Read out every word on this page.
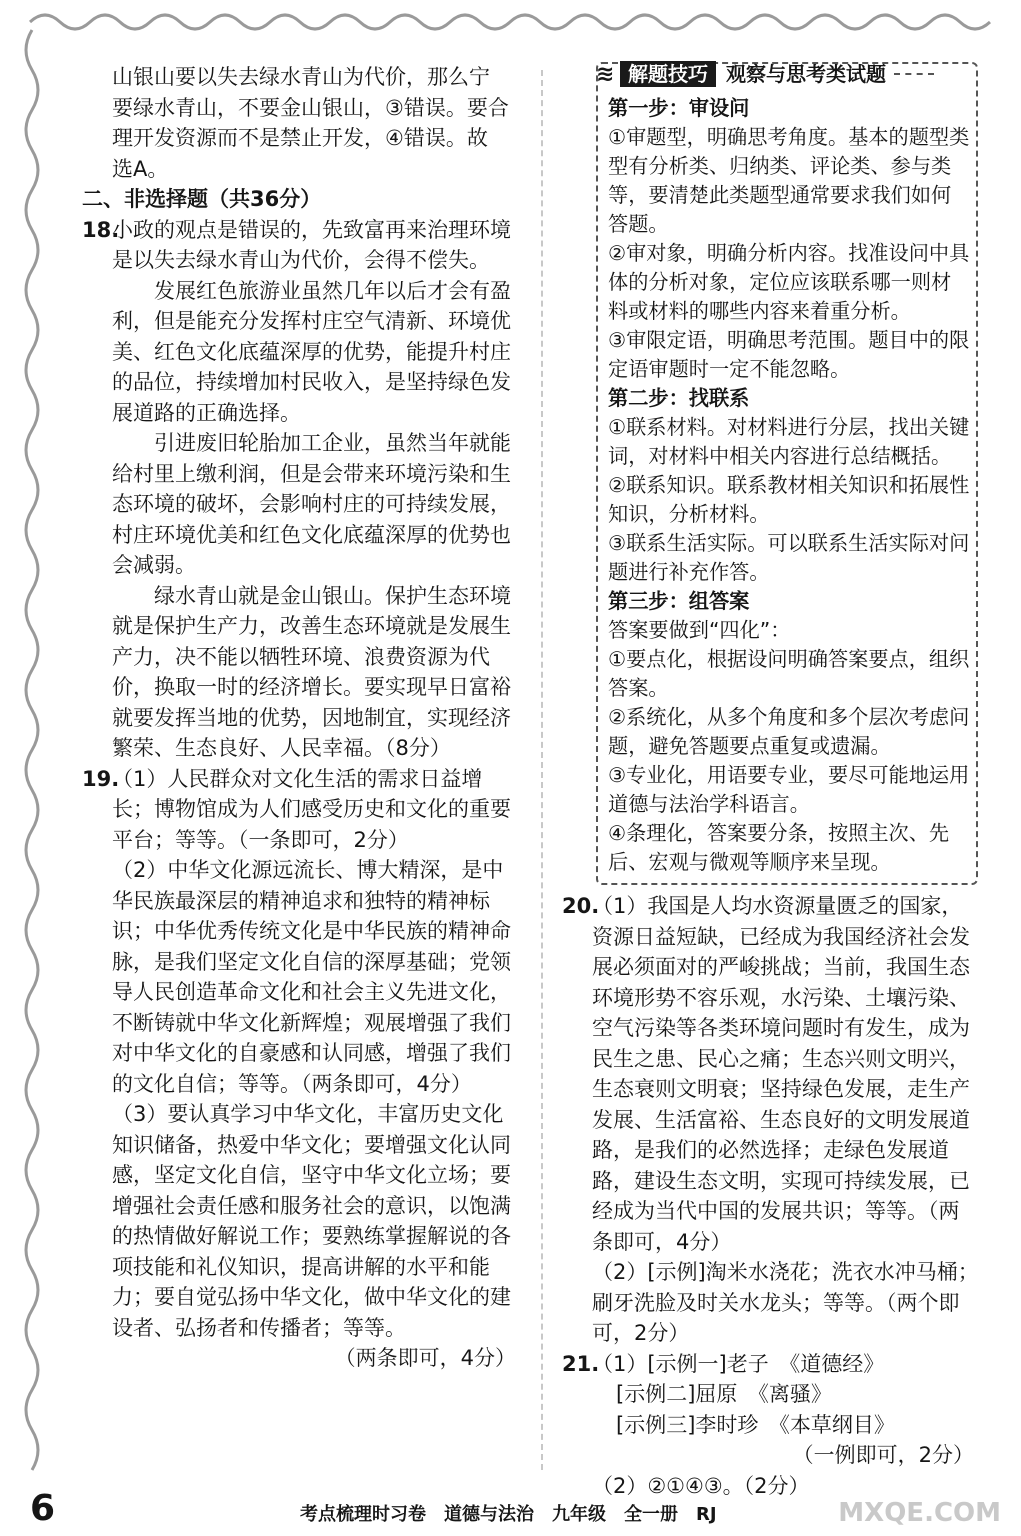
山银山要以失去绿水青山为代价，那么宁

要绿水青山，不要金山银山，③错误。要合

理开发资源而不是禁止开发，④错误。故

选A。

二、非选择题（共36分）

18.

小政的观点是错误的，先致富再来治理环境是以失去绿水青山为代价，会得不偿失。

发展红色旅游业虽然几年以后才会有盈利，但是能充分发挥村庄空气清新、环境优美、红色文化底蕴深厚的优势，能提升村庄的品位，持续增加村民收入，是坚持绿色发展道路的正确选择。

引进废旧轮胎加工企业，虽然当年就能给村里上缴利润，但是会带来环境污染和生态环境的破坏，会影响村庄的可持续发展，村庄环境优美和红色文化底蕴深厚的优势也会减弱。

绿水青山就是金山银山。保护生态环境就是保护生产力，改善生态环境就是发展生产力，决不能以牺牲环境、浪费资源为代价，换取一时的经济增长。要实现早日富裕就要发挥当地的优势，因地制宜，实现经济繁荣、生态良好、人民幸福。（8分）

19.

（1）人民群众对文化生活的需求日益增长；博物馆成为人们感受历史和文化的重要平台；等等。（一条即可，2分）

（2）中华文化源远流长、博大精深，是中华民族最深层的精神追求和独特的精神标识；中华优秀传统文化是中华民族的精神命脉，是我们坚定文化自信的深厚基础；党领导人民创造革命文化和社会主义先进文化，不断铸就中华文化新辉煌；观展增强了我们对中华文化的自豪感和认同感，增强了我们的文化自信；等等。（两条即可，4分）

（3）要认真学习中华文化，丰富历史文化知识储备，热爱中华文化；要增强文化认同感，坚定文化自信，坚守中华文化立场；要增强社会责任感和服务社会的意识，以饱满的热情做好解说工作；要熟练掌握解说的各项技能和礼仪知识，提高讲解的水平和能力；要自觉弘扬中华文化，做中华文化的建设者、弘扬者和传播者；等等。

（两条即可，4分）

≋ 解题技巧 观察与思考类试题

第一步：审设问

①审题型，明确思考角度。基本的题型类型有分析类、归纳类、评论类、参与类等，要清楚此类题型通常要求我们如何答题。

②审对象，明确分析内容。找准设问中具体的分析对象，定位应该联系哪一则材料或材料的哪些内容来着重分析。

③审限定语，明确思考范围。题目中的限定语审题时一定不能忽略。

第二步：找联系

①联系材料。对材料进行分层，找出关键词，对材料中相关内容进行总结概括。

②联系知识。联系教材相关知识和拓展性知识，分析材料。

③联系生活实际。可以联系生活实际对问题进行补充作答。

第三步：组答案

答案要做到“四化”：

①要点化，根据设问明确答案要点，组织答案。

②系统化，从多个角度和多个层次考虑问题，避免答题要点重复或遗漏。

③专业化，用语要专业，要尽可能地运用道德与法治学科语言。

④条理化，答案要分条，按照主次、先后、宏观与微观等顺序来呈现。

20.

（1）我国是人均水资源量匮乏的国家，资源日益短缺，已经成为我国经济社会发展必须面对的严峻挑战；当前，我国生态环境形势不容乐观，水污染、土壤污染、空气污染等各类环境问题时有发生，成为民生之患、民心之痛；生态兴则文明兴，生态衰则文明衰；坚持绿色发展，走生产发展、生活富裕、生态良好的文明发展道路，是我们的必然选择；走绿色发展道路，建设生态文明，实现可持续发展，已经成为当代中国的发展共识；等等。（两条即可，4分）

（2）[示例]淘米水浇花；洗衣水冲马桶；刷牙洗脸及时关水龙头；等等。（两个即可，2分）

21.

（1）[示例一]老子　《道德经》

[示例二]屈原　《离骚》

[示例三]李时珍　《本草纲目》

（一例即可，2分）

（2）②①④③。（2分）

6	考点梳理时习卷　道德与法治　九年级　全一册　RJ	MXQE.COM
